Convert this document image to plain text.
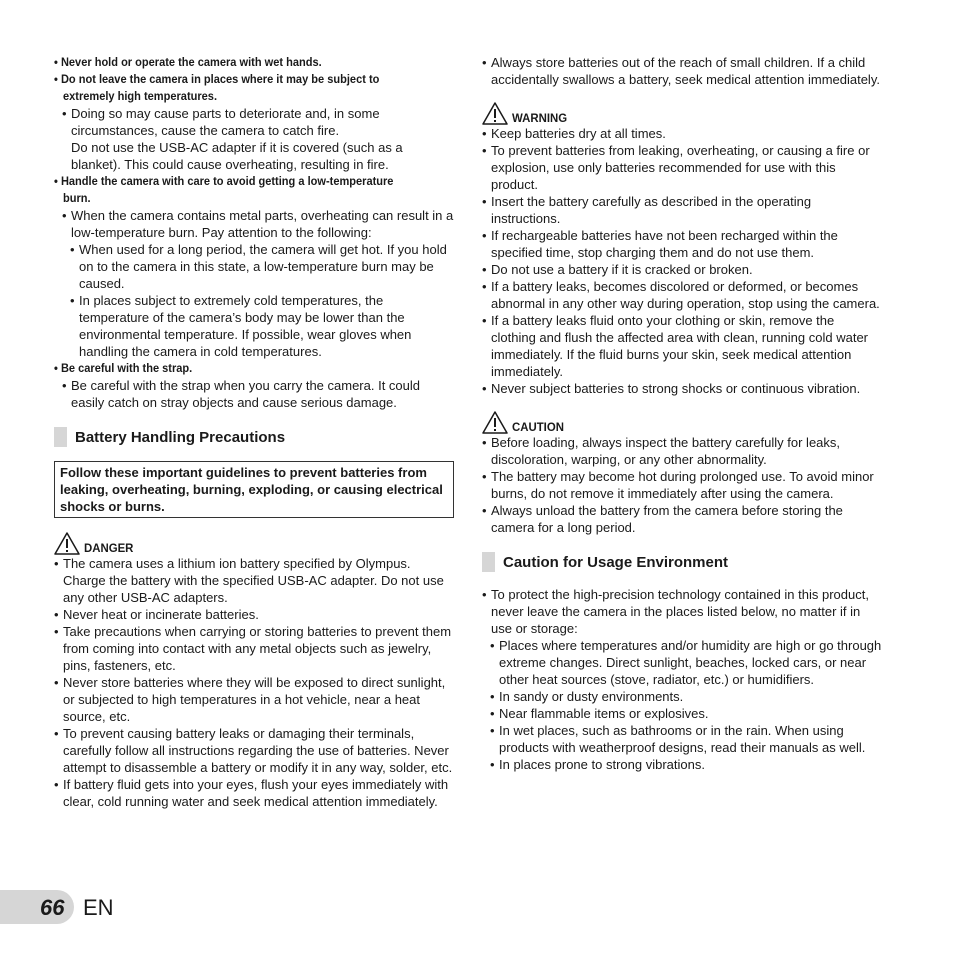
• Never hold or operate the camera with wet hands.
• Do not leave the camera in places where it may be subject to
extremely high temperatures.
• Doing so may cause parts to deteriorate and, in some circumstances, cause the camera to catch fire.
Do not use the USB-AC adapter if it is covered (such as a blanket). This could cause overheating, resulting in fire.
• Handle the camera with care to avoid getting a low-temperature
burn.
• When the camera contains metal parts, overheating can result in a low-temperature burn. Pay attention to the following:
• When used for a long period, the camera will get hot. If you hold on to the camera in this state, a low-temperature burn may be caused.
• In places subject to extremely cold temperatures, the temperature of the camera’s body may be lower than the environmental temperature. If possible, wear gloves when handling the camera in cold temperatures.
• Be careful with the strap.
• Be careful with the strap when you carry the camera. It could easily catch on stray objects and cause serious damage.
Battery Handling Precautions
Follow these important guidelines to prevent batteries from leaking, overheating, burning, exploding, or causing electrical shocks or burns.
DANGER
• The camera uses a lithium ion battery specified by Olympus. Charge the battery with the specified USB-AC adapter. Do not use any other USB-AC adapters.
• Never heat or incinerate batteries.
• Take precautions when carrying or storing batteries to prevent them from coming into contact with any metal objects such as jewelry, pins, fasteners, etc.
• Never store batteries where they will be exposed to direct sunlight, or subjected to high temperatures in a hot vehicle, near a heat source, etc.
• To prevent causing battery leaks or damaging their terminals, carefully follow all instructions regarding the use of batteries. Never attempt to disassemble a battery or modify it in any way, solder, etc.
• If battery fluid gets into your eyes, flush your eyes immediately with clear, cold running water and seek medical attention immediately.
• Always store batteries out of the reach of small children. If a child accidentally swallows a battery, seek medical attention immediately.
WARNING
• Keep batteries dry at all times.
• To prevent batteries from leaking, overheating, or causing a fire or explosion, use only batteries recommended for use with this product.
• Insert the battery carefully as described in the operating instructions.
• If rechargeable batteries have not been recharged within the specified time, stop charging them and do not use them.
• Do not use a battery if it is cracked or broken.
• If a battery leaks, becomes discolored or deformed, or becomes abnormal in any other way during operation, stop using the camera.
• If a battery leaks fluid onto your clothing or skin, remove the clothing and flush the affected area with clean, running cold water immediately. If the fluid burns your skin, seek medical attention immediately.
• Never subject batteries to strong shocks or continuous vibration.
CAUTION
• Before loading, always inspect the battery carefully for leaks, discoloration, warping, or any other abnormality.
• The battery may become hot during prolonged use. To avoid minor burns, do not remove it immediately after using the camera.
• Always unload the battery from the camera before storing the camera for a long period.
Caution for Usage Environment
• To protect the high-precision technology contained in this product, never leave the camera in the places listed below, no matter if in use or storage:
• Places where temperatures and/or humidity are high or go through extreme changes. Direct sunlight, beaches, locked cars, or near other heat sources (stove, radiator, etc.) or humidifiers.
• In sandy or dusty environments.
• Near flammable items or explosives.
• In wet places, such as bathrooms or in the rain. When using products with weatherproof designs, read their manuals as well.
• In places prone to strong vibrations.
66 EN
